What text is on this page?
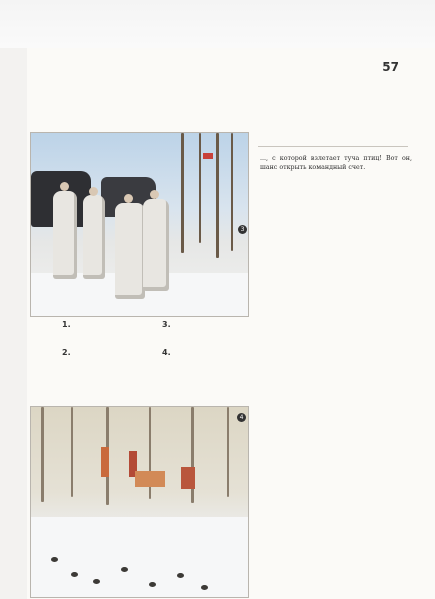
57
3
4
1.
2.
3.
4.

..., с которой взлетает туча птиц! Вот он, шанс открыть командный счет.
